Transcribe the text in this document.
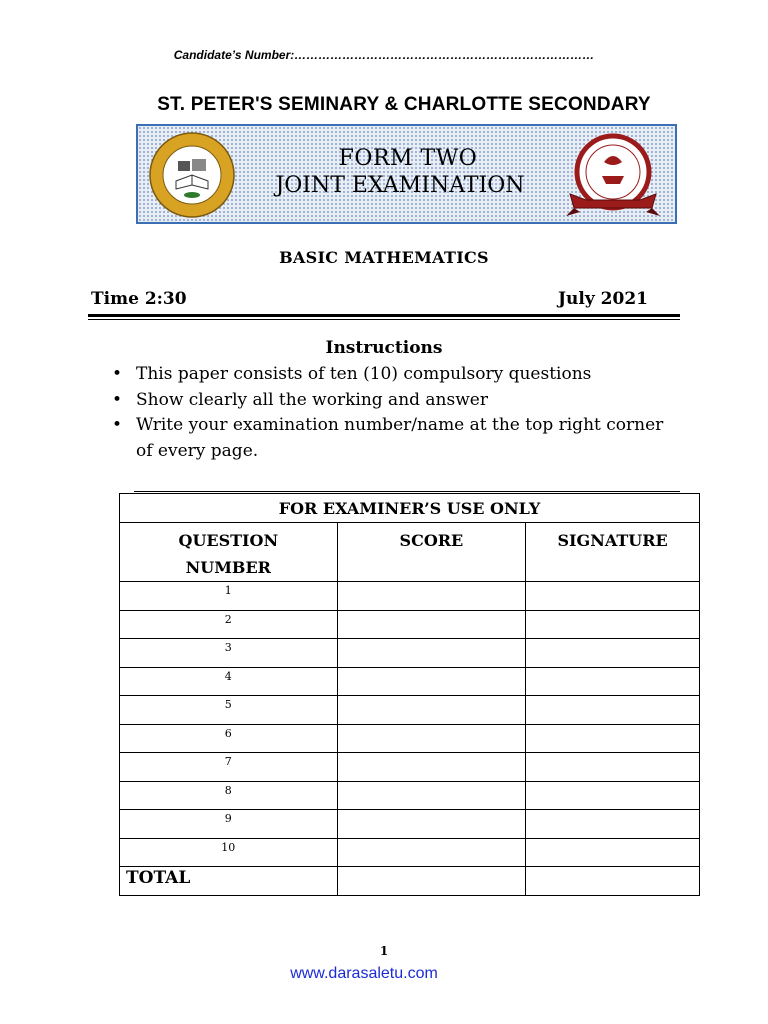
Candidate’s Number:…………………………………………………………………
ST. PETER'S SEMINARY & CHARLOTTE SECONDARY
FORM TWO
JOINT EXAMINATION
BASIC MATHEMATICS
Time 2:30	July 2021
Instructions
• This paper consists of ten (10) compulsory questions
• Show clearly all the working and answer
• Write your examination number/name at the top right corner of every page.
FOR EXAMINER’S USE ONLY		

QUESTION
NUMBER	SCORE	SIGNATURE
1		
2		
3		
4		
5		
6		
7		
8		
9		
10		
TOTAL		
1
www.darasaletu.com
